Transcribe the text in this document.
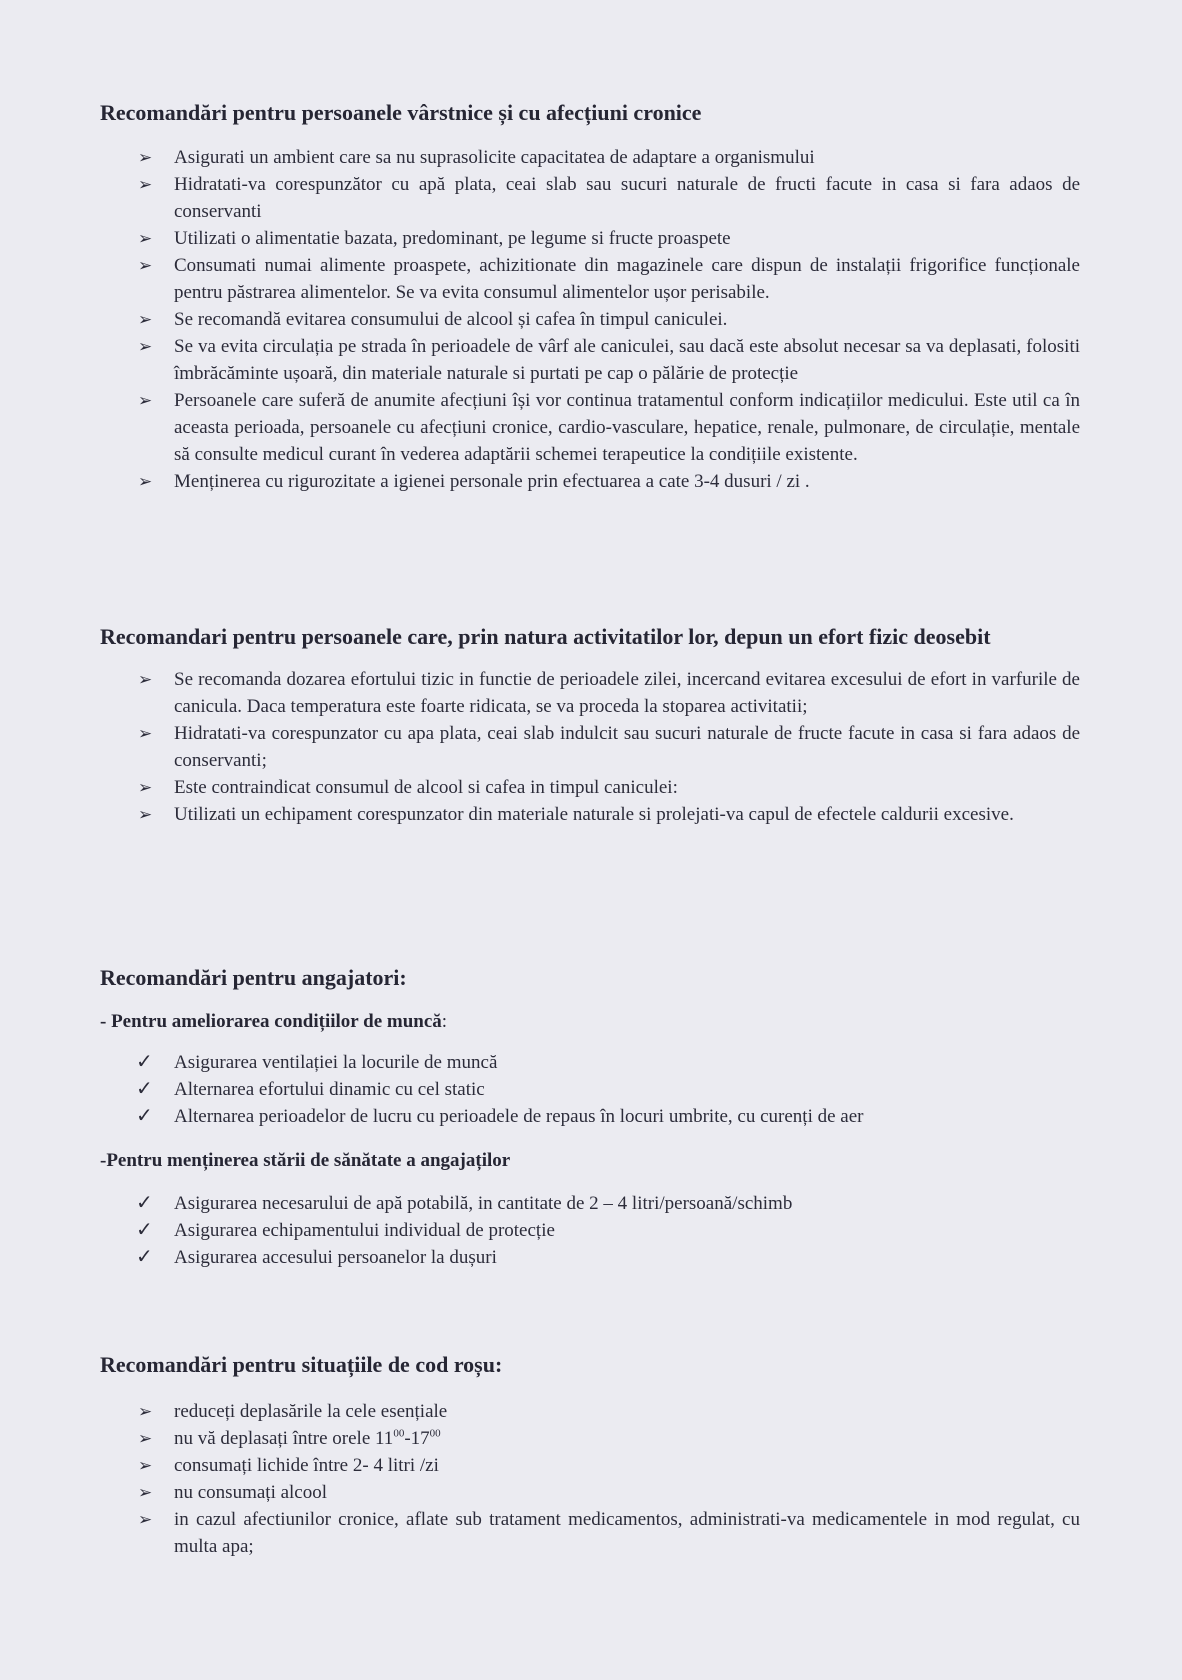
Recomandări pentru persoanele vârstnice și cu afecțiuni cronice
➢	Asigurati un ambient care sa nu suprasolicite capacitatea de adaptare a organismului
➢	Hidratati-va corespunzător cu apă plata, ceai slab sau sucuri naturale de fructi facute in casa si fara adaos de conservanti
➢	Utilizati o alimentatie bazata, predominant, pe legume si fructe proaspete
➢	Consumati numai alimente proaspete, achizitionate din magazinele care dispun de instalații frigorifice funcționale pentru păstrarea alimentelor. Se va evita consumul alimentelor ușor perisabile.
➢	Se recomandă evitarea consumului de alcool și cafea în timpul caniculei.
➢	Se va evita circulația pe strada în perioadele de vârf ale caniculei, sau dacă este absolut necesar sa va deplasati, folositi îmbrăcăminte ușoară, din materiale naturale si purtati pe cap o pălărie de protecție
➢	Persoanele care suferă de anumite afecțiuni își vor continua tratamentul conform indicațiilor medicului. Este util ca în aceasta perioada, persoanele cu afecțiuni cronice, cardio-vasculare, hepatice, renale, pulmonare, de circulație, mentale să consulte medicul curant în vederea adaptării schemei terapeutice la condițiile existente.
➢	Menținerea cu rigurozitate a igienei personale prin efectuarea a cate 3-4 dusuri / zi .
Recomandari pentru persoanele care, prin natura activitatilor lor, depun un efort fizic deosebit
➢	Se recomanda dozarea efortului tizic in functie de perioadele zilei, incercand evitarea excesului de efort in varfurile de canicula. Daca temperatura este foarte ridicata, se va proceda la stoparea activitatii;
➢	Hidratati-va corespunzator cu apa plata, ceai slab indulcit sau sucuri naturale de fructe facute in casa si fara adaos de conservanti;
➢	Este contraindicat consumul de alcool si cafea in timpul caniculei:
➢	Utilizati un echipament corespunzator din materiale naturale si prolejati-va capul de efectele caldurii excesive.
Recomandări pentru angajatori:
- Pentru ameliorarea condițiilor de muncă:
✓ Asigurarea ventilației la locurile de muncă
✓ Alternarea efortului dinamic cu cel static
✓ Alternarea perioadelor de lucru cu perioadele de repaus în locuri umbrite, cu curenți de aer
-Pentru menținerea stării de sănătate a angajaților
✓ Asigurarea necesarului de apă potabilă, in cantitate de 2 – 4 litri/persoană/schimb
✓ Asigurarea echipamentului individual de protecție
✓ Asigurarea accesului persoanelor la dușuri
Recomandări pentru situațiile de cod roșu:
➢	reduceți deplasările la cele esențiale
➢	nu vă deplasați între orele $11^{00}-17^{00}$
➢	consumați lichide între 2- 4 litri /zi
➢	nu consumați alcool
➢	in cazul afectiunilor cronice, aflate sub tratament medicamentos, administrati-va medicamentele in mod regulat, cu multa apa;
